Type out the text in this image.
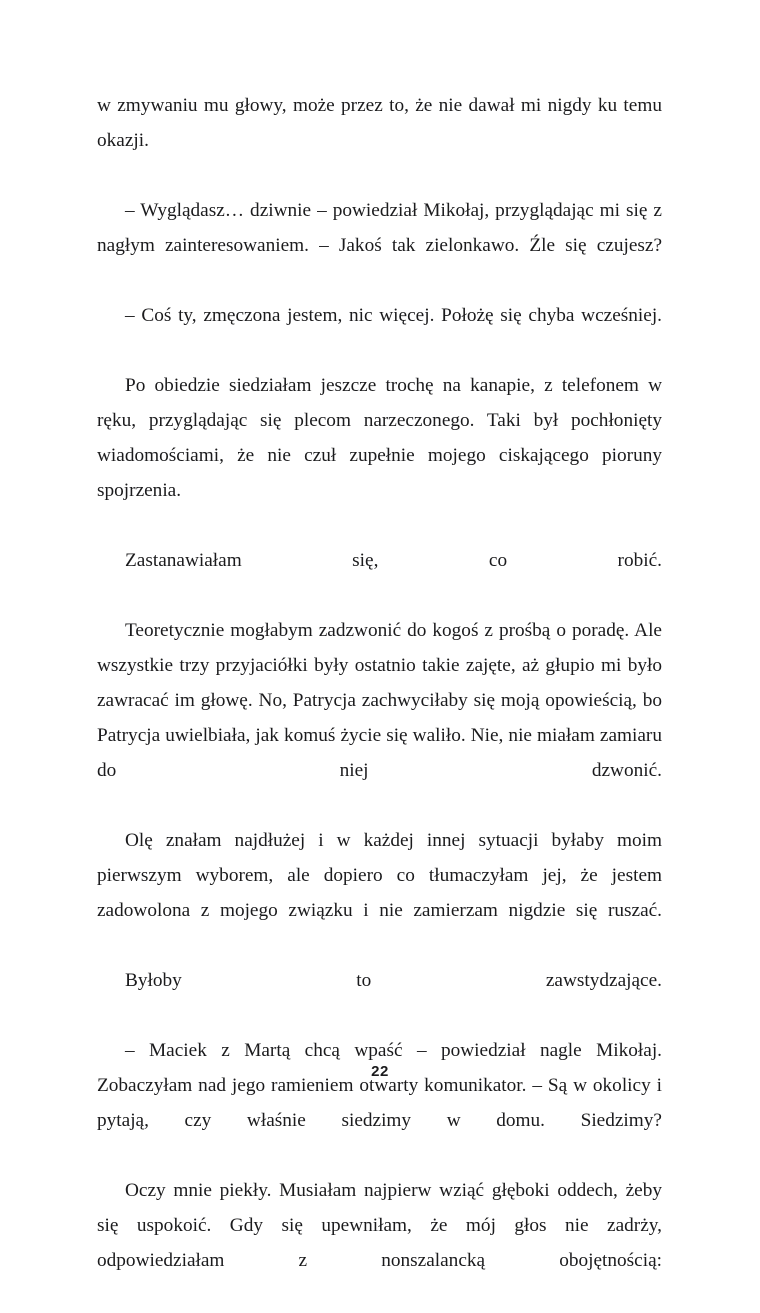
w zmywaniu mu głowy, może przez to, że nie dawał mi nigdy ku temu okazji.

– Wyglądasz… dziwnie – powiedział Mikołaj, przyglądając mi się z nagłym zainteresowaniem. – Jakoś tak zielonkawo. Źle się czujesz?

– Coś ty, zmęczona jestem, nic więcej. Położę się chyba wcześniej.

Po obiedzie siedziałam jeszcze trochę na kanapie, z telefonem w ręku, przyglądając się plecom narzeczonego. Taki był pochłonięty wiadomościami, że nie czuł zupełnie mojego ciskającego pioruny spojrzenia.

Zastanawiałam się, co robić.

Teoretycznie mogłabym zadzwonić do kogoś z prośbą o poradę. Ale wszystkie trzy przyjaciółki były ostatnio takie zajęte, aż głupio mi było zawracać im głowę. No, Patrycja zachwyciłaby się moją opowieścią, bo Patrycja uwielbiała, jak komuś życie się waliło. Nie, nie miałam zamiaru do niej dzwonić.

Olę znałam najdłużej i w każdej innej sytuacji byłaby moim pierwszym wyborem, ale dopiero co tłumaczyłam jej, że jestem zadowolona z mojego związku i nie zamierzam nigdzie się ruszać.

Byłoby to zawstydzające.

– Maciek z Martą chcą wpaść – powiedział nagle Mikołaj. Zobaczyłam nad jego ramieniem otwarty komunikator. – Są w okolicy i pytają, czy właśnie siedzimy w domu. Siedzimy?

Oczy mnie piekły. Musiałam najpierw wziąć głęboki oddech, żeby się uspokoić. Gdy się upewniłam, że mój głos nie zadrży, odpowiedziałam z nonszalancką obojętnością:

22
